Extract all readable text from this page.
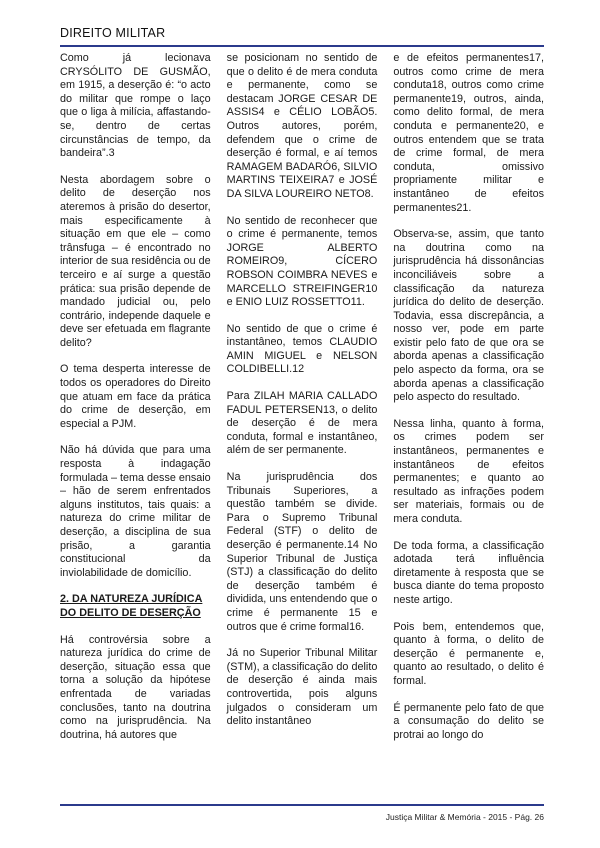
DIREITO MILITAR

Como já lecionava CRYSÓLITO DE GUSMÃO, em 1915, a deserção é: “o acto do militar que rompe o laço que o liga à milícia, affastando-se, dentro de certas circunstâncias de tempo, da bandeira”.3

Nesta abordagem sobre o delito de deserção nos ateremos à prisão do desertor, mais especificamente à situação em que ele – como trânsfuga – é encontrado no interior de sua residência ou de terceiro e aí surge a questão prática: sua prisão depende de mandado judicial ou, pelo contrário, independe daquele e deve ser efetuada em flagrante delito?

O tema desperta interesse de todos os operadores do Direito que atuam em face da prática do crime de deserção, em especial a PJM.

Não há dúvida que para uma resposta à indagação formulada – tema desse ensaio – hão de serem enfrentados alguns institutos, tais quais: a natureza do crime militar de deserção, a disciplina de sua prisão, a garantia constitucional da inviolabilidade de domicílio.

2. DA NATUREZA JURÍDICA DO DELITO DE DESERÇÃO

Há controvérsia sobre a natureza jurídica do crime de deserção, situação essa que torna a solução da hipótese enfrentada de variadas conclusões, tanto na doutrina como na jurisprudência. Na doutrina, há autores que

se posicionam no sentido de que o delito é de mera conduta e permanente, como se destacam JORGE CESAR DE ASSIS4 e CÉLIO LOBÃO5. Outros autores, porém, defendem que o crime de deserção é formal, e aí temos RAMAGEM BADARÓ6, SILVIO MARTINS TEIXEIRA7 e JOSÉ DA SILVA LOUREIRO NETO8.

No sentido de reconhecer que o crime é permanente, temos JORGE ALBERTO ROMEIRO9, CÍCERO ROBSON COIMBRA NEVES e MARCELLO STREIFINGER10 e ENIO LUIZ ROSSETTO11.

No sentido de que o crime é instantâneo, temos CLAUDIO AMIN MIGUEL e NELSON COLDIBELLI.12

Para ZILAH MARIA CALLADO FADUL PETERSEN13, o delito de deserção é de mera conduta, formal e instantâneo, além de ser permanente.

Na jurisprudência dos Tribunais Superiores, a questão também se divide. Para o Supremo Tribunal Federal (STF) o delito de deserção é permanente.14 No Superior Tribunal de Justiça (STJ) a classificação do delito de deserção também é dividida, uns entendendo que o crime é permanente 15 e outros que é crime formal16.

Já no Superior Tribunal Militar (STM), a classificação do delito de deserção é ainda mais controvertida, pois alguns julgados o consideram um delito instantâneo

e de efeitos permanentes17, outros como crime de mera conduta18, outros como crime permanente19, outros, ainda, como delito formal, de mera conduta e permanente20, e outros entendem que se trata de crime formal, de mera conduta, omissivo propriamente militar e instantâneo de efeitos permanentes21.

Observa-se, assim, que tanto na doutrina como na jurisprudência há dissonâncias inconciliáveis sobre a classificação da natureza jurídica do delito de deserção. Todavia, essa discrepância, a nosso ver, pode em parte existir pelo fato de que ora se aborda apenas a classificação pelo aspecto da forma, ora se aborda apenas a classificação pelo aspecto do resultado.

Nessa linha, quanto à forma, os crimes podem ser instantâneos, permanentes e instantâneos de efeitos permanentes; e quanto ao resultado as infrações podem ser materiais, formais ou de mera conduta.

De toda forma, a classificação adotada terá influência diretamente à resposta que se busca diante do tema proposto neste artigo.

Pois bem, entendemos que, quanto à forma, o delito de deserção é permanente e, quanto ao resultado, o delito é formal.

É permanente pelo fato de que a consumação do delito se protrai ao longo do

Justiça Militar & Memória - 2015 - Pág. 26
